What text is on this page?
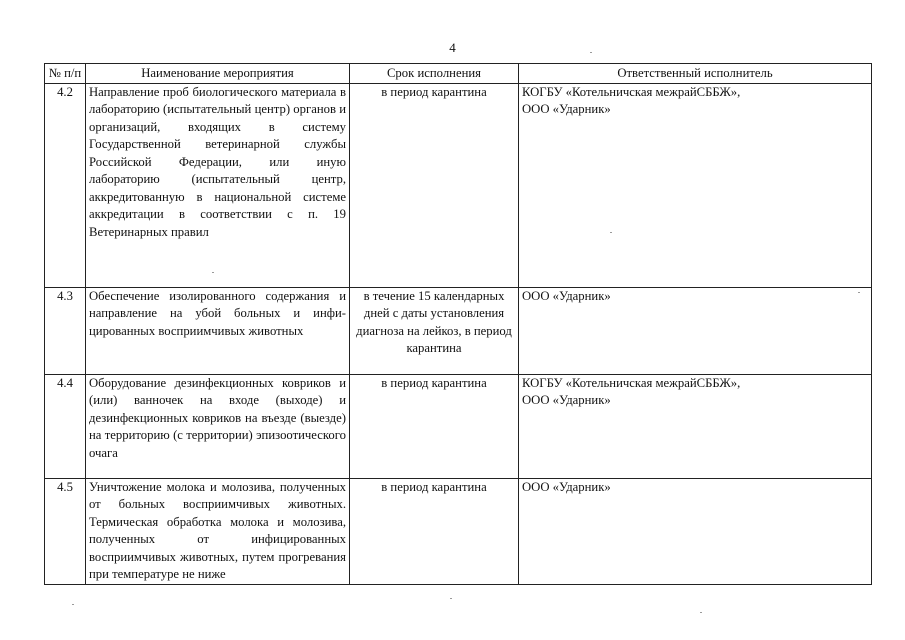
4
№ п/п	Наименование мероприятия	Срок исполнения	Ответственный исполнитель
4.2	Направление проб биологического материала в лабораторию (испытательный центр) органов и организаций, входящих в систему Государственной ветеринарной службы Российской Федерации, или иную лабораторию (испытательный центр, аккредитованную в национальной системе аккредитации в соответствии с п. 19 Ветеринарных правил	в период карантина	КОГБУ «Котельничская межрайСББЖ»,
ООО «Ударник»

4.3	Обеспечение изолированного содержания и направление на убой больных и инфицированных восприимчивых животных	в течение 15 календарных дней с даты установления диагноза на лейкоз, в период карантина	ООО «Ударник»

4.4	Оборудование дезинфекционных ковриков и (или) ванночек на входе (выходе) и дезинфекционных ковриков на въезде (выезде) на территорию (с территории) эпизоотического очага	в период карантина	КОГБУ «Котельничская межрайСББЖ»,
ООО «Ударник»

4.5	Уничтожение молока и молозива, полученных от больных восприимчивых животных. Термическая обработка молока и молозива, полученных от инфицированных восприимчивых животных, путем прогревания при температуре не ниже	в период карантина	ООО «Ударник»
